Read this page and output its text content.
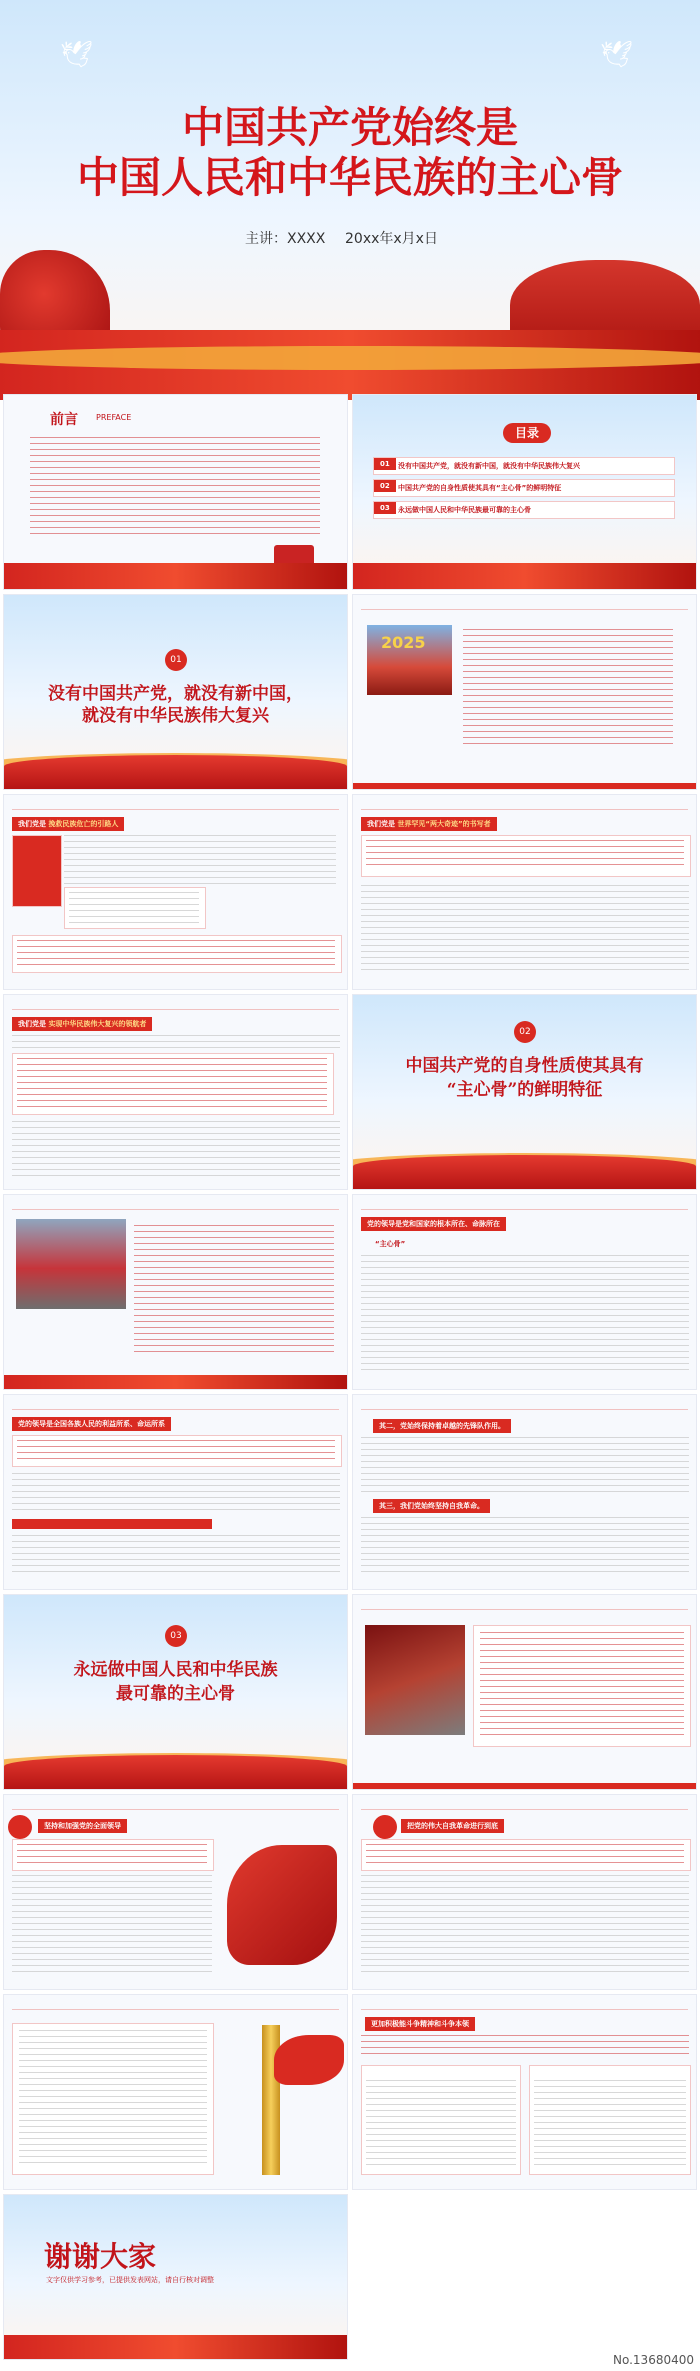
🕊	🕊
中国共产党始终是
中国人民和中华民族的主心骨
主讲：XXXX 20xx年x月x日
前言 PREFACE
目录
01	没有中国共产党，就没有新中国，就没有中华民族伟大复兴
02	中国共产党的自身性质使其具有“主心骨”的鲜明特征
03	永远做中国人民和中华民族最可靠的主心骨
01
没有中国共产党，就没有新中国，
就没有中华民族伟大复兴
2025
我们党是 挽救民族危亡的引路人	我们党是 世界罕见“两大奇迹”的书写者
我们党是 实现中华民族伟大复兴的领航者
02
中国共产党的自身性质使其具有
“主心骨”的鲜明特征
党的领导是党和国家的根本所在、命脉所在
“主心骨”
党的领导是全国各族人民的利益所系、命运所系	其二，党始终保持着卓越的先锋队作用。
其三，我们党始终坚持自我革命。
03
永远做中国人民和中华民族
最可靠的主心骨
坚持和加强党的全面领导	把党的伟大自我革命进行到底
更加积极能斗争精神和斗争本领
谢谢大家
文字仅供学习参考，已提供发表网站，请自行核对调整
No.13680400
